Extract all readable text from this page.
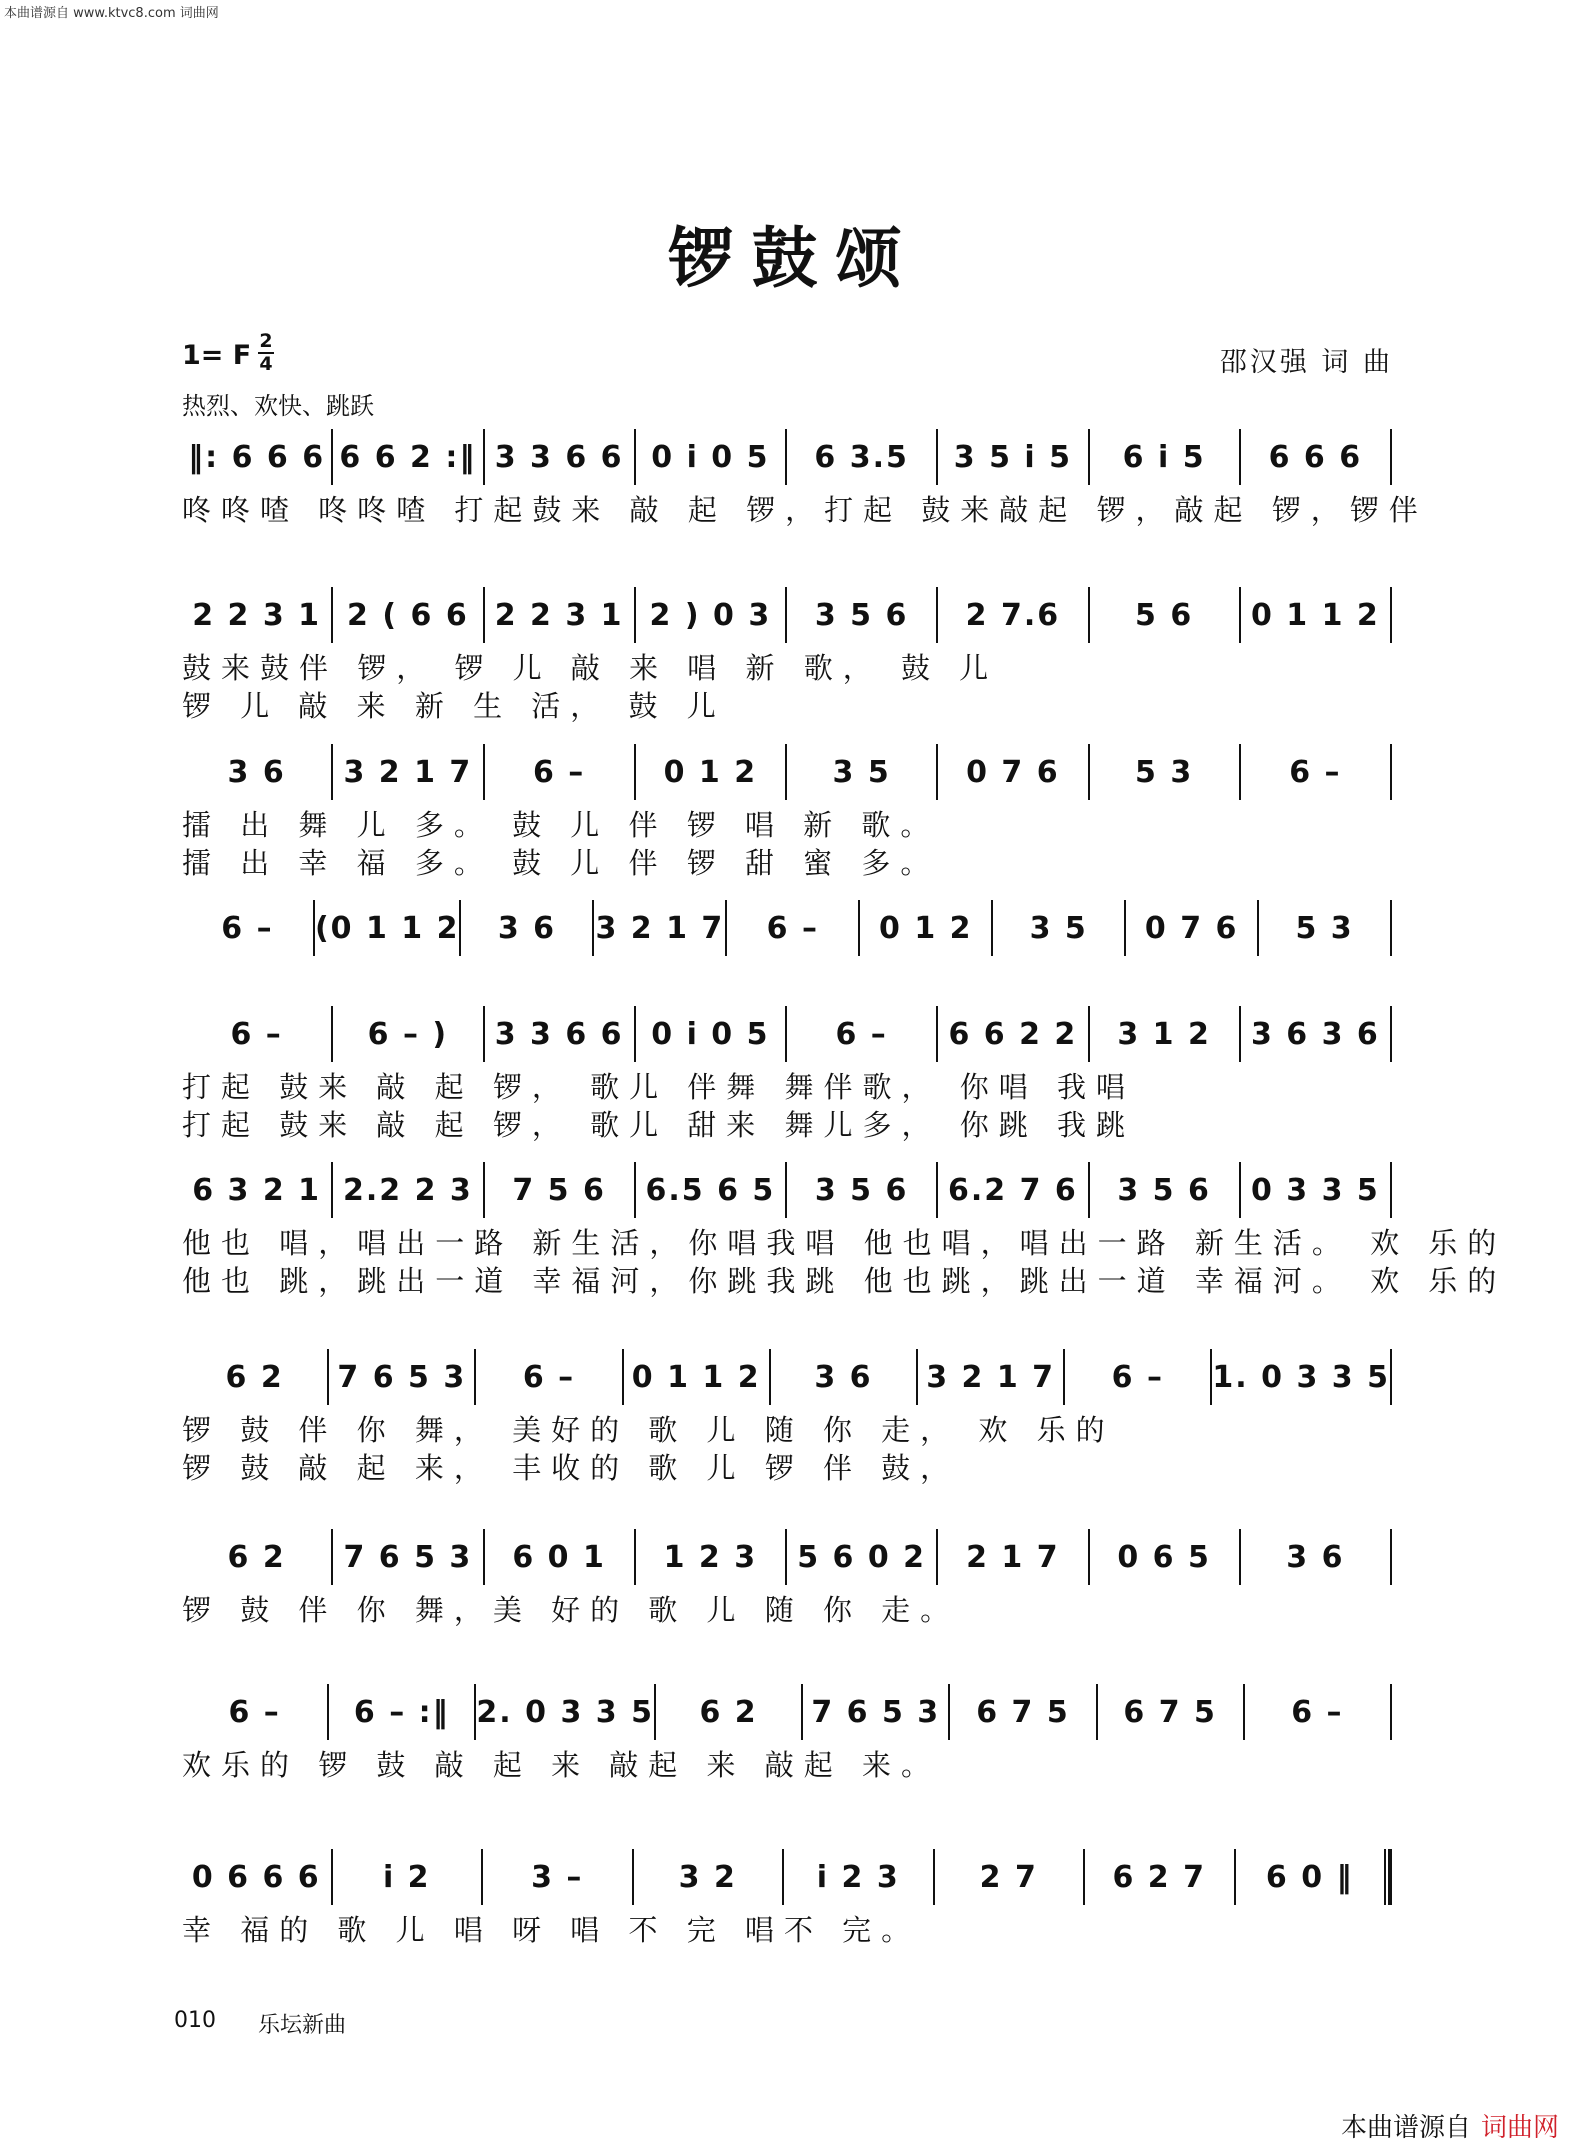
本曲谱源自 www.ktvc8.com 词曲网
锣鼓颂
1= F 2
4
热烈、欢快、跳跃
邵汉强 词 曲
‖: 6 6 6 6 6 2 :‖ 3 3 6 6 0 i 0 5	6 3.5	3 5 i 5	6 i 5	6 6 6
咚咚喳 咚咚喳 打起鼓来 敲 起 锣，打起 鼓来敲起 锣，敲起 锣，锣伴
2 2 3 1 2 ( 6 6 2 2 3 1 2 ) 0 3	3 5 6	2 7.6	5 6	0 1 1 2
鼓来鼓伴 锣， 锣 儿 敲 来 唱 新 歌， 鼓 儿
锣 儿 敲 来 新 生 活， 鼓 儿
3 6	3 2 1 7	6 –	0 1 2	3 5	0 7 6	5 3	6 –
擂 出 舞 儿 多。 鼓 儿 伴 锣 唱 新 歌。
擂 出 幸 福 多。 鼓 儿 伴 锣 甜 蜜 多。
6 –	(0 1 1 2	3 6	3 2 1 7	6 –	0 1 2	3 5	0 7 6	5 3
6 –	6 – )	3 3 6 6 0 i 0 5	6 –	6 6 2 2	3 1 2	3 6 3 6
打起 鼓来 敲 起 锣， 歌儿 伴舞 舞伴歌， 你唱 我唱
打起 鼓来 敲 起 锣， 歌儿 甜来 舞儿多， 你跳 我跳
6 3 2 1 2.2 2 3	7 5 6	6.5 6 5	3 5 6	6.2 7 6	3 5 6	0 3 3 5
他也 唱，唱出一路 新生活，你唱我唱 他也唱，唱出一路 新生活。 欢 乐的
他也 跳，跳出一道 幸福河，你跳我跳 他也跳，跳出一道 幸福河。 欢 乐的
6 2	7 6 5 3	6 –	0 1 1 2	3 6	3 2 1 7	6 –	1. 0 3 3 5
锣 鼓 伴 你 舞， 美好的 歌 儿 随 你 走， 欢 乐的
锣 鼓 敲 起 来， 丰收的 歌 儿 锣 伴 鼓，
6 2	7 6 5 3	6 0 1	1 2 3	5 6 0 2	2 1 7	0 6 5	3 6
锣 鼓 伴 你 舞，美 好的 歌 儿 随 你 走。
6 –	6 – :‖ 2. 0 3 3 5	6 2	7 6 5 3	6 7 5	6 7 5	6 –
欢乐的 锣 鼓 敲 起 来 敲起 来 敲起 来。
0 6 6 6	i 2	3 –	3 2	i 2 3	2 7	6 2 7	6 0 ‖
幸 福的 歌 儿 唱 呀 唱 不 完 唱不 完。
010 乐坛新曲
本曲谱源自 词曲网
